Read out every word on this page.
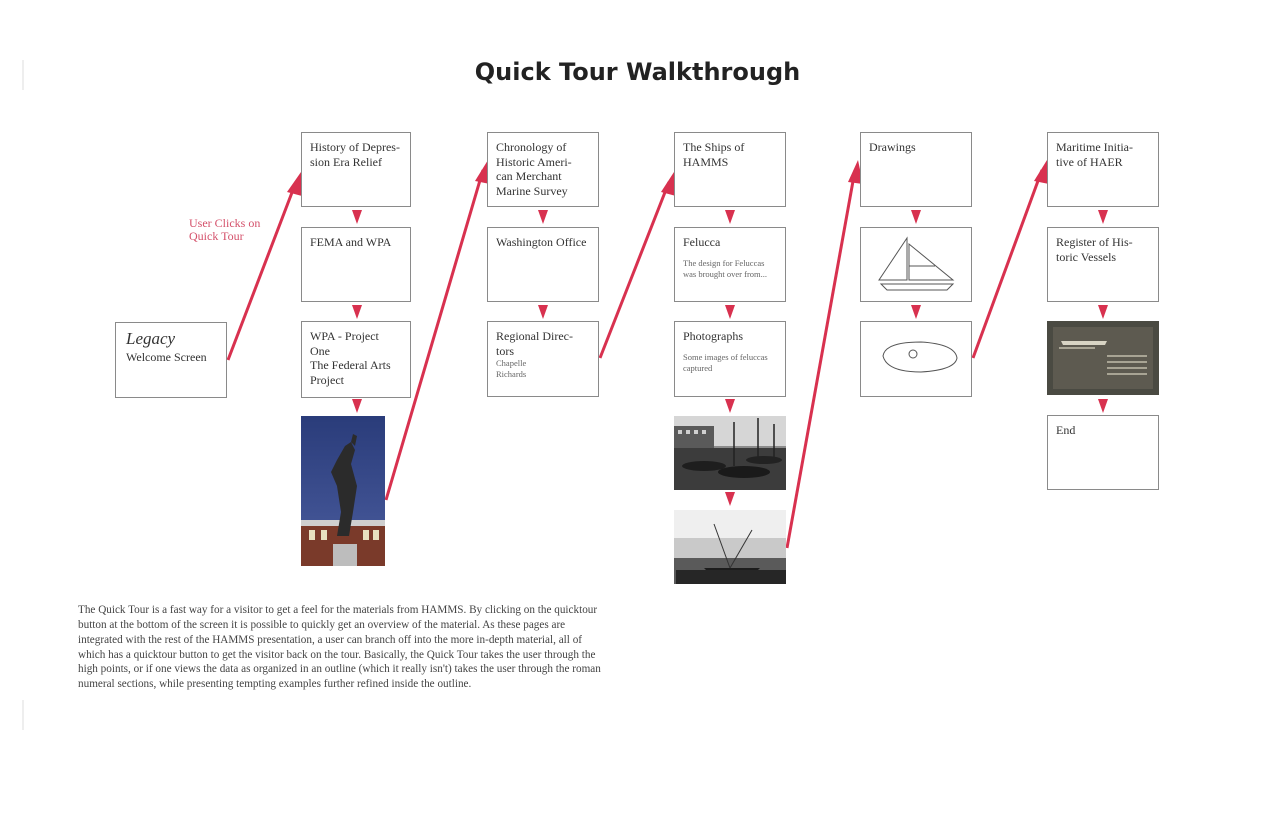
Quick Tour Walkthrough
User Clicks on
Quick Tour
Legacy
Welcome Screen
History of Depres-
sion Era Relief
FEMA and WPA
WPA - Project
One
The Federal Arts
Project
Chronology of
Historic Ameri-
can Merchant
Marine Survey
Washington Office
Regional Direc-
tors
Chapelle
Richards
The Ships of
HAMMS
Felucca
The design for Feluccas
was brought over from...
Photographs
Some images of feluccas
captured
Drawings	Maritime Initia-
tive of HAER
Register of His-
toric Vessels
End

The Quick Tour is a fast way for a visitor to get a feel for the materials from HAMMS. By clicking on the quicktour button at the bottom of the screen it is possible to quickly get an overview of the material. As these pages are integrated with the rest of the HAMMS presentation, a user can branch off into the more in-depth material, all of which has a quicktour button to get the visitor back on the tour. Basically, the Quick Tour takes the user through the high points, or if one views the data as organized in an outline (which it really isn't) takes the user through the roman numeral sections, while presenting tempting examples further refined inside the outline.
